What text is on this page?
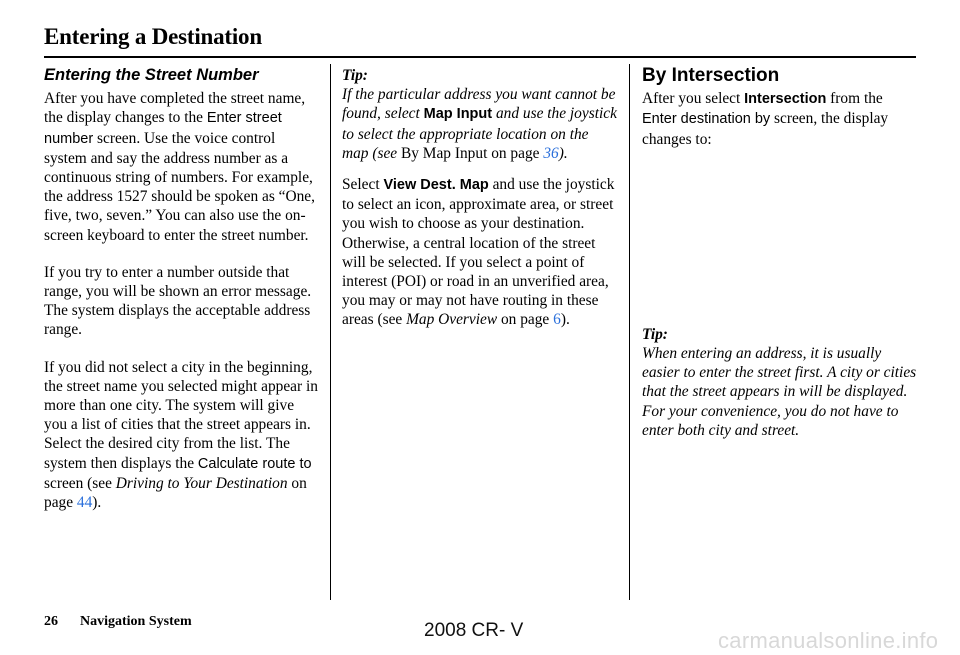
Entering a Destination
Entering the Street Number

After you have completed the street name, the display changes to the Enter street number screen. Use the voice control system and say the address number as a continuous string of numbers. For example, the address 1527 should be spoken as “One, five, two, seven.” You can also use the on-screen keyboard to enter the street number.

If you try to enter a number outside that range, you will be shown an error message. The system displays the acceptable address range.

If you did not select a city in the beginning, the street name you selected might appear in more than one city. The system will give you a list of cities that the street appears in. Select the desired city from the list. The system then displays the Calculate route to screen (see Driving to Your Destination on page 44).

Tip:

If the particular address you want cannot be found, select Map Input and use the joystick to select the appropriate location on the map (see By Map Input on page 36).

Select View Dest. Map and use the joystick to select an icon, approximate area, or street you wish to choose as your destination. Otherwise, a central location of the street will be selected. If you select a point of interest (POI) or road in an unverified area, you may or may not have routing in these areas (see Map Overview on page 6).

By Intersection

After you select Intersection from the Enter destination by screen, the display changes to:

Tip:

When entering an address, it is usually easier to enter the street first. A city or cities that the street appears in will be displayed. For your convenience, you do not have to enter both city and street.

26 Navigation System	2008 CR- V	carmanualsonline.info
